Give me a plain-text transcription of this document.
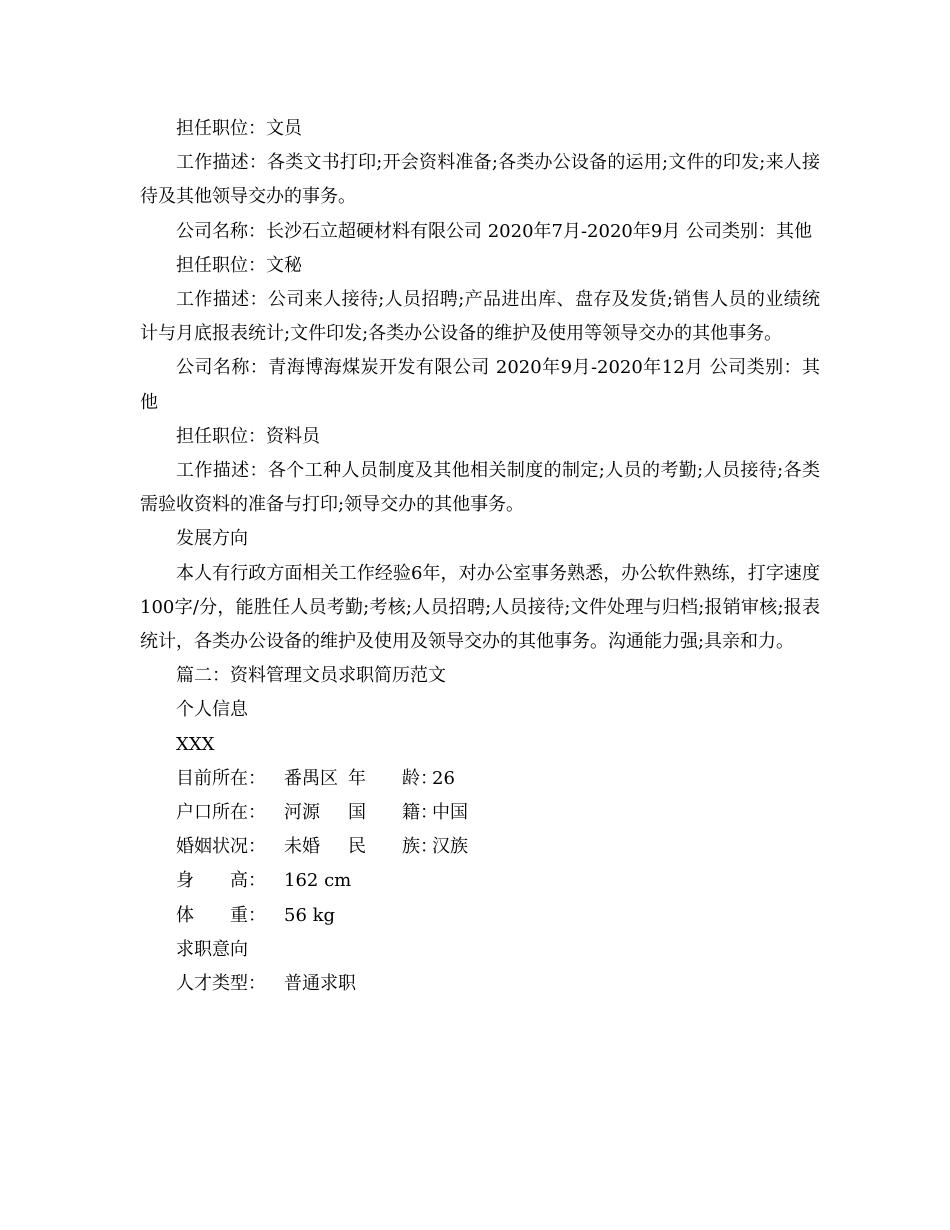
担任职位：文员

工作描述：各类文书打印;开会资料准备;各类办公设备的运用;文件的印发;来人接待及其他领导交办的事务。

公司名称：长沙石立超硬材料有限公司 2020年7月-2020年9月 公司类别：其他

担任职位：文秘

工作描述：公司来人接待;人员招聘;产品进出库、盘存及发货;销售人员的业绩统计与月底报表统计;文件印发;各类办公设备的维护及使用等领导交办的其他事务。

公司名称：青海博海煤炭开发有限公司 2020年9月-2020年12月 公司类别：其他

担任职位：资料员

工作描述：各个工种人员制度及其他相关制度的制定;人员的考勤;人员接待;各类需验收资料的准备与打印;领导交办的其他事务。

发展方向

本人有行政方面相关工作经验6年，对办公室事务熟悉，办公软件熟练，打字速度100字/分，能胜任人员考勤;考核;人员招聘;人员接待;文件处理与归档;报销审核;报表统计，各类办公设备的维护及使用及领导交办的其他事务。沟通能力强;具亲和力。

篇二：资料管理文员求职简历范文

个人信息

XXX

目前所在： 番禺区 年　　龄：26
户口所在： 河源 国　　籍：中国
婚姻状况： 未婚 民　　族：汉族
身　　高： 162 cm
体　　重： 56 kg

求职意向

人才类型： 普通求职
